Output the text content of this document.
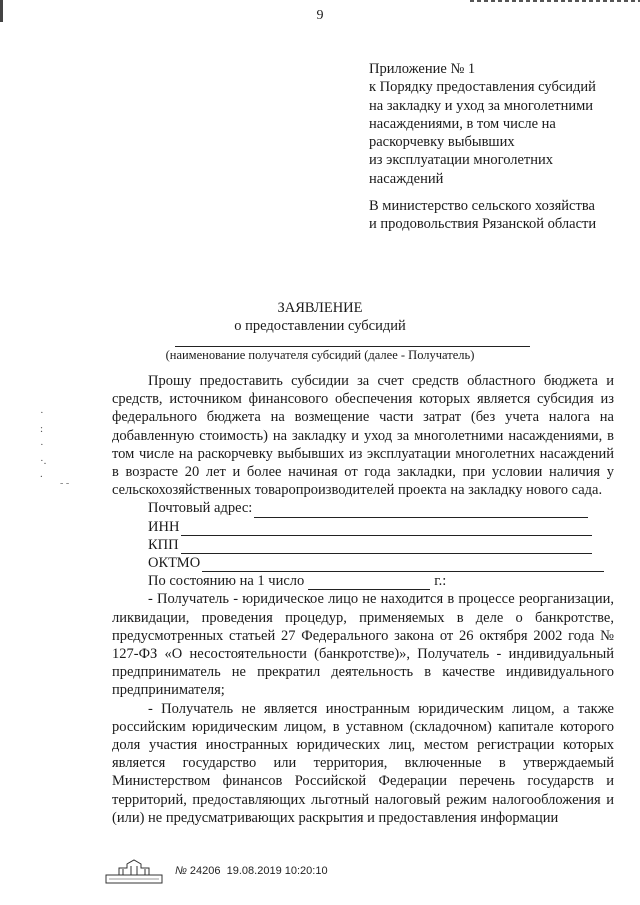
9
Приложение № 1
к Порядку предоставления субсидий
на закладку и уход за многолетними
насаждениями, в том числе на
раскорчевку выбывших
из эксплуатации многолетних
насаждений
В министерство сельского хозяйства
и продовольствия Рязанской области
ЗАЯВЛЕНИЕ
о предоставлении субсидий
(наименование получателя субсидий (далее - Получатель)
·
:
·
·.
∙
- -

Прошу предоставить субсидии за счет средств областного бюджета и средств, источником финансового обеспечения которых является субсидия из федерального бюджета на возмещение части затрат (без учета налога на добавленную стоимость) на закладку и уход за многолетними насаждениями, в том числе на раскорчевку выбывших из эксплуатации многолетних насаждений в возрасте 20 лет и более начиная от года закладки, при условии наличия у сельскохозяйственных товаропроизводителей проекта на закладку нового сада.

Почтовый адрес:
ИНН
КПП
ОКТМО
По состоянию на 1 число	г.:

- Получатель - юридическое лицо не находится в процессе реорганизации, ликвидации, проведения процедур, применяемых в деле о банкротстве, предусмотренных статьей 27 Федерального закона от 26 октября 2002 года № 127-ФЗ «О несостоятельности (банкротстве)», Получатель - индивидуальный предприниматель не прекратил деятельность в качестве индивидуального предпринимателя;

- Получатель не является иностранным юридическим лицом, а также российским юридическим лицом, в уставном (складочном) капитале которого доля участия иностранных юридических лиц, местом регистрации которых является государство или территория, включенные в утверждаемый Министерством финансов Российской Федерации перечень государств и территорий, предоставляющих льготный налоговый режим налогообложения и (или) не предусматривающих раскрытия и предоставления информации

№ 24206 19.08.2019 10:20:10
